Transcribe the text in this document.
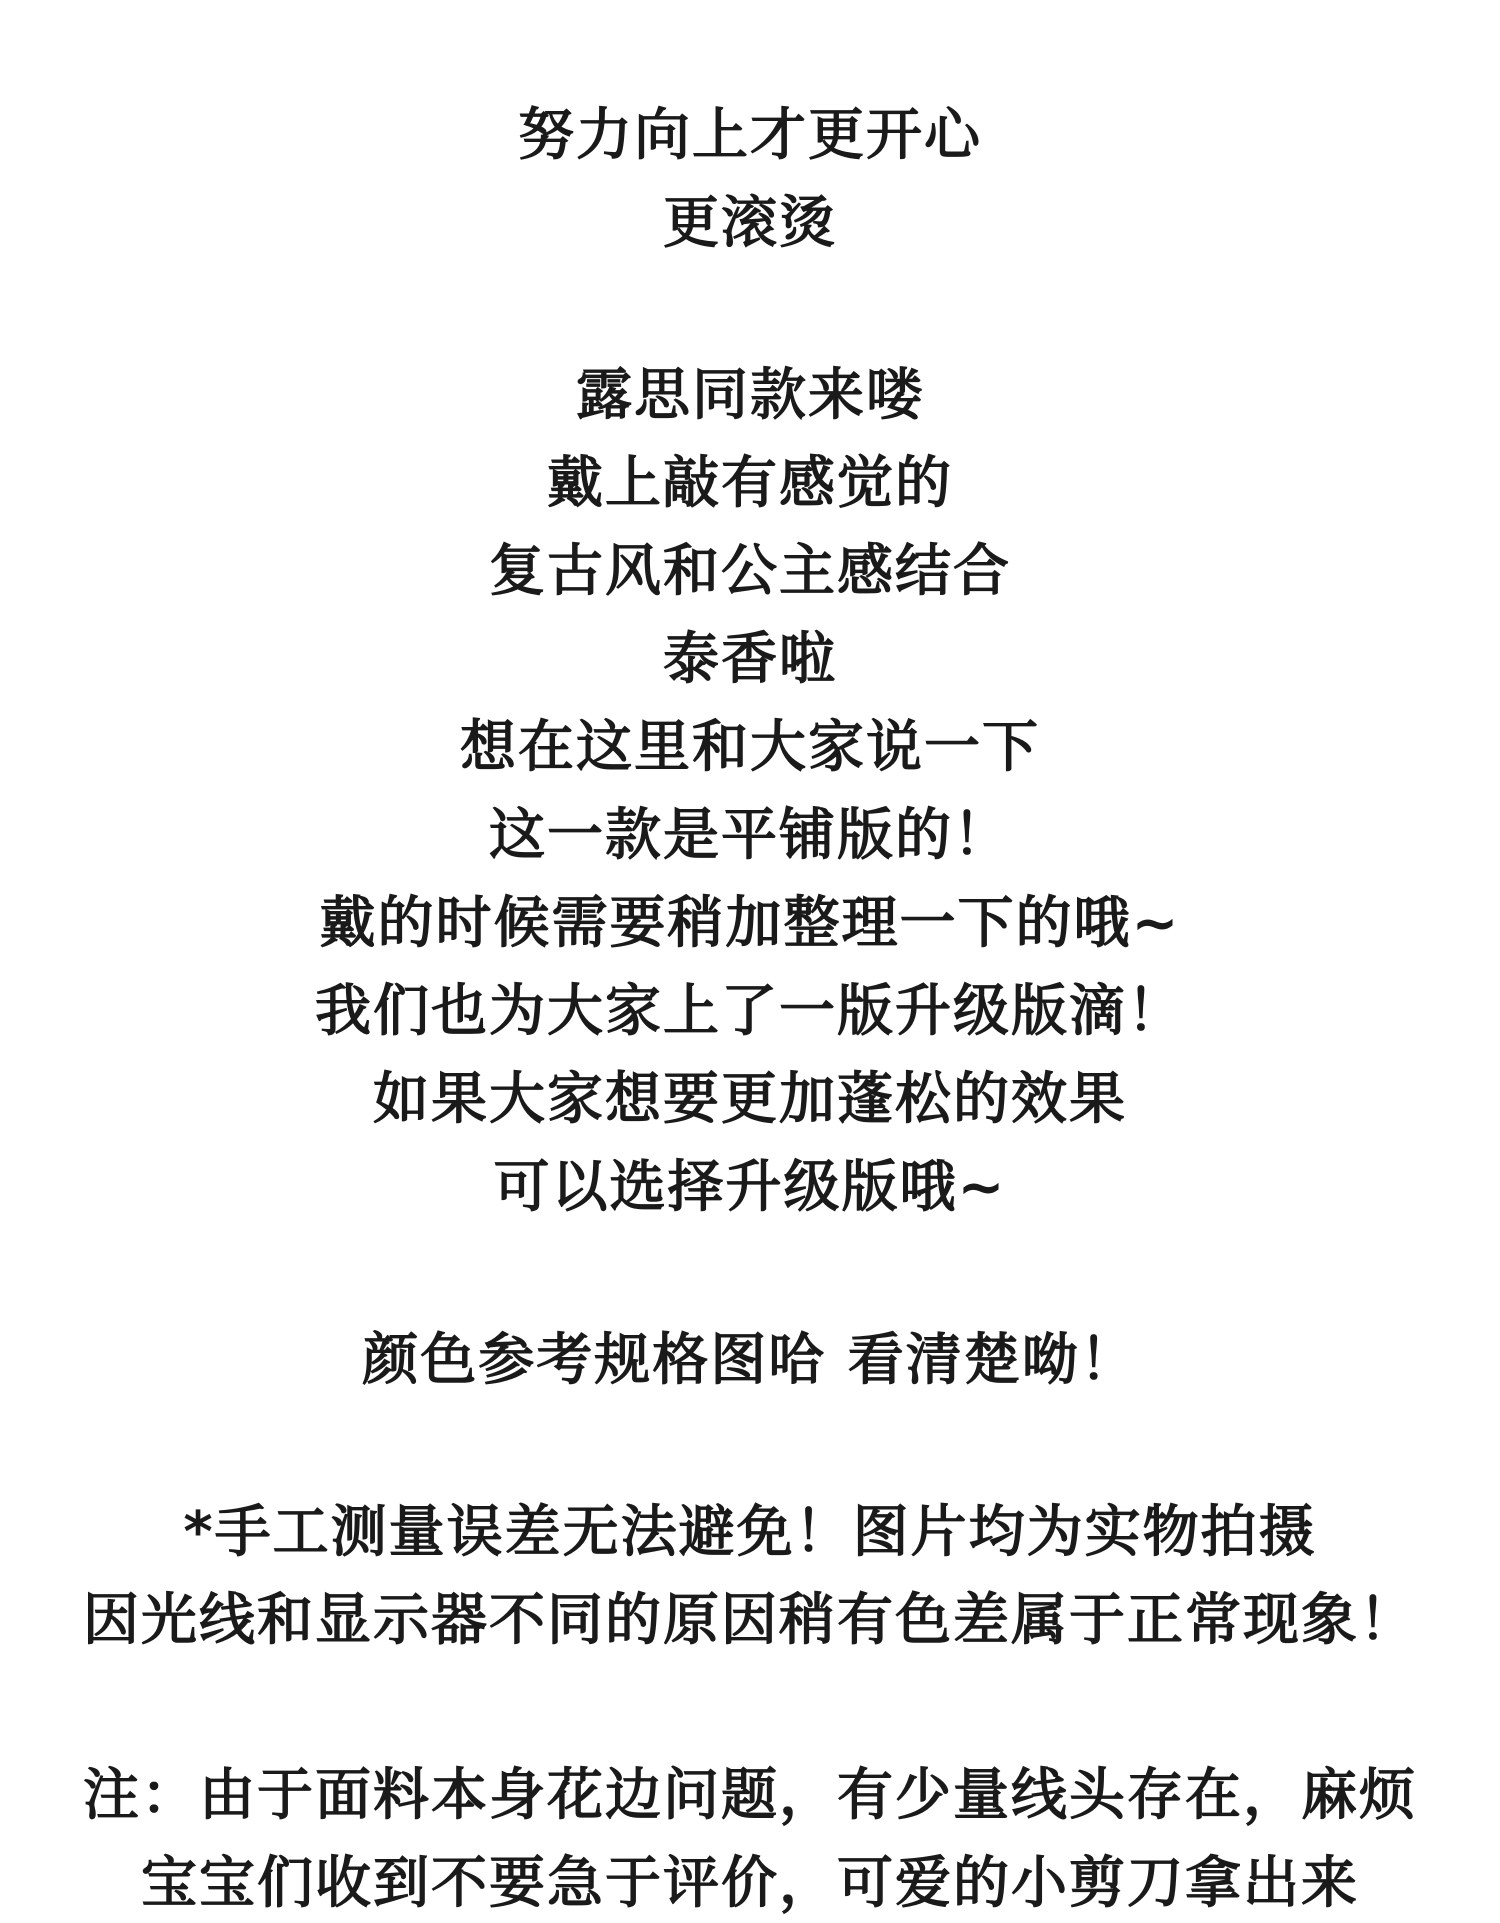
努力向上才更开心
更滚烫
露思同款来喽
戴上敲有感觉的
复古风和公主感结合
泰香啦
想在这里和大家说一下
这一款是平铺版的！
戴的时候需要稍加整理一下的哦~
我们也为大家上了一版升级版滴！
如果大家想要更加蓬松的效果
可以选择升级版哦~
颜色参考规格图哈 看清楚呦！
*手工测量误差无法避免！图片均为实物拍摄
因光线和显示器不同的原因稍有色差属于正常现象！
注：由于面料本身花边问题，有少量线头存在，麻烦
宝宝们收到不要急于评价，可爱的小剪刀拿出来
